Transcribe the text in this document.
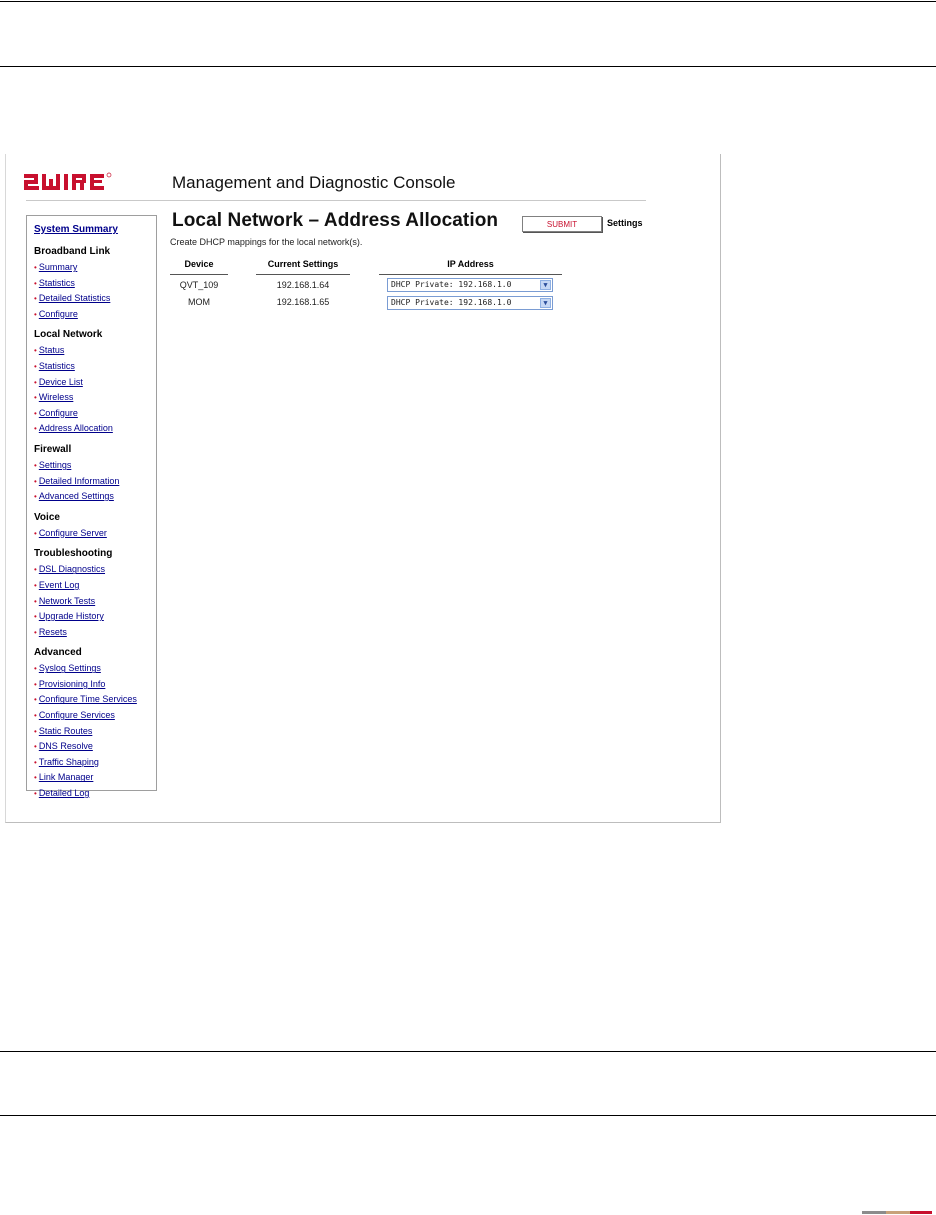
Management and Diagnostic Console
System Summary
Broadband Link
• Summary
• Statistics
• Detailed Statistics
• Configure
Local Network
• Status
• Statistics
• Device List
• Wireless
• Configure
• Address Allocation
Firewall
• Settings
• Detailed Information
• Advanced Settings
Voice
• Configure Server
Troubleshooting
• DSL Diagnostics
• Event Log
• Network Tests
• Upgrade History
• Resets
Advanced
• Syslog Settings
• Provisioning Info
• Configure Time Services
• Configure Services
• Static Routes
• DNS Resolve
• Traffic Shaping
• Link Manager
• Detailed Log
Local Network – Address Allocation	SUBMIT	Settings
Create DHCP mappings for the local network(s).
Device	Current Settings	IP Address
QVT_109	192.168.1.64	DHCP Private: 192.168.1.0	▼
MOM	192.168.1.65	DHCP Private: 192.168.1.0	▼
